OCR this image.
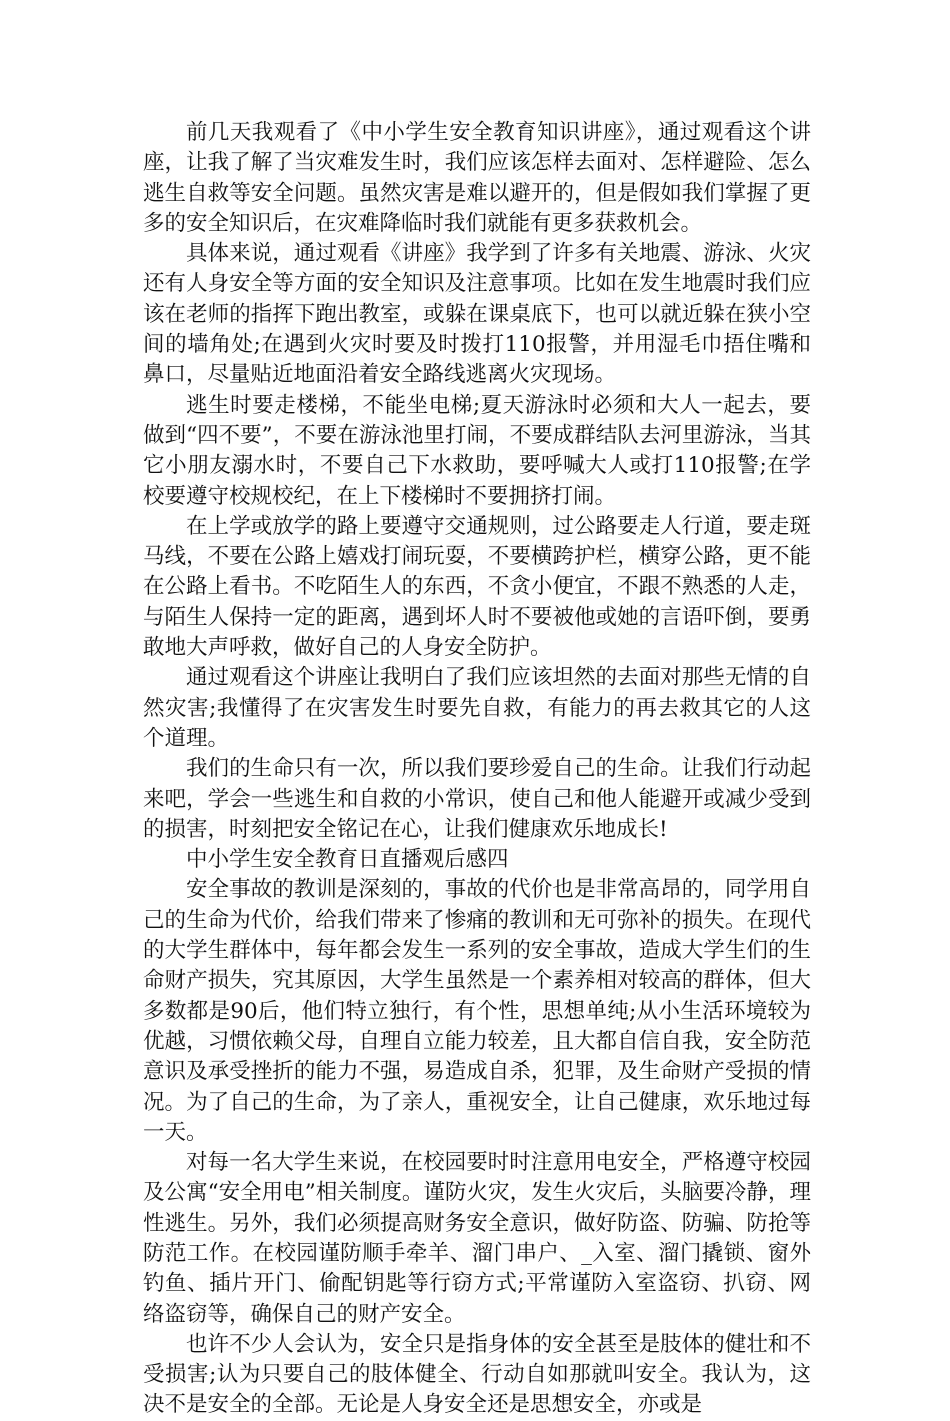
前几天我观看了《中小学生安全教育知识讲座》，通过观看这个讲座，让我了解了当灾难发生时，我们应该怎样去面对、怎样避险、怎么逃生自救等安全问题。虽然灾害是难以避开的，但是假如我们掌握了更多的安全知识后，在灾难降临时我们就能有更多获救机会。

具体来说，通过观看《讲座》我学到了许多有关地震、游泳、火灾还有人身安全等方面的安全知识及注意事项。比如在发生地震时我们应该在老师的指挥下跑出教室，或躲在课桌底下，也可以就近躲在狭小空间的墙角处;在遇到火灾时要及时拨打110报警，并用湿毛巾捂住嘴和鼻口，尽量贴近地面沿着安全路线逃离火灾现场。

逃生时要走楼梯，不能坐电梯;夏天游泳时必须和大人一起去，要做到“四不要”，不要在游泳池里打闹，不要成群结队去河里游泳，当其它小朋友溺水时，不要自己下水救助，要呼喊大人或打110报警;在学校要遵守校规校纪，在上下楼梯时不要拥挤打闹。

在上学或放学的路上要遵守交通规则，过公路要走人行道，要走斑马线，不要在公路上嬉戏打闹玩耍，不要横跨护栏，横穿公路，更不能在公路上看书。不吃陌生人的东西，不贪小便宜，不跟不熟悉的人走，与陌生人保持一定的距离，遇到坏人时不要被他或她的言语吓倒，要勇敢地大声呼救，做好自己的人身安全防护。

通过观看这个讲座让我明白了我们应该坦然的去面对那些无情的自然灾害;我懂得了在灾害发生时要先自救，有能力的再去救其它的人这个道理。

我们的生命只有一次，所以我们要珍爱自己的生命。让我们行动起来吧，学会一些逃生和自救的小常识，使自己和他人能避开或减少受到的损害，时刻把安全铭记在心，让我们健康欢乐地成长!

中小学生安全教育日直播观后感四

安全事故的教训是深刻的，事故的代价也是非常高昂的，同学用自己的生命为代价，给我们带来了惨痛的教训和无可弥补的损失。在现代的大学生群体中，每年都会发生一系列的安全事故，造成大学生们的生命财产损失，究其原因，大学生虽然是一个素养相对较高的群体，但大多数都是90后，他们特立独行，有个性，思想单纯;从小生活环境较为优越，习惯依赖父母，自理自立能力较差，且大都自信自我，安全防范意识及承受挫折的能力不强，易造成自杀，犯罪，及生命财产受损的情况。为了自己的生命，为了亲人，重视安全，让自己健康，欢乐地过每一天。

对每一名大学生来说，在校园要时时注意用电安全，严格遵守校园及公寓“安全用电”相关制度。谨防火灾，发生火灾后，头脑要冷静，理性逃生。另外，我们必须提高财务安全意识，做好防盗、防骗、防抢等防范工作。在校园谨防顺手牵羊、溜门串户、_入室、溜门撬锁、窗外钓鱼、插片开门、偷配钥匙等行窃方式;平常谨防入室盗窃、扒窃、网络盗窃等，确保自己的财产安全。

也许不少人会认为，安全只是指身体的安全甚至是肢体的健壮和不受损害;认为只要自己的肢体健全、行动自如那就叫安全。我认为，这决不是安全的全部。无论是人身安全还是思想安全，亦或是
